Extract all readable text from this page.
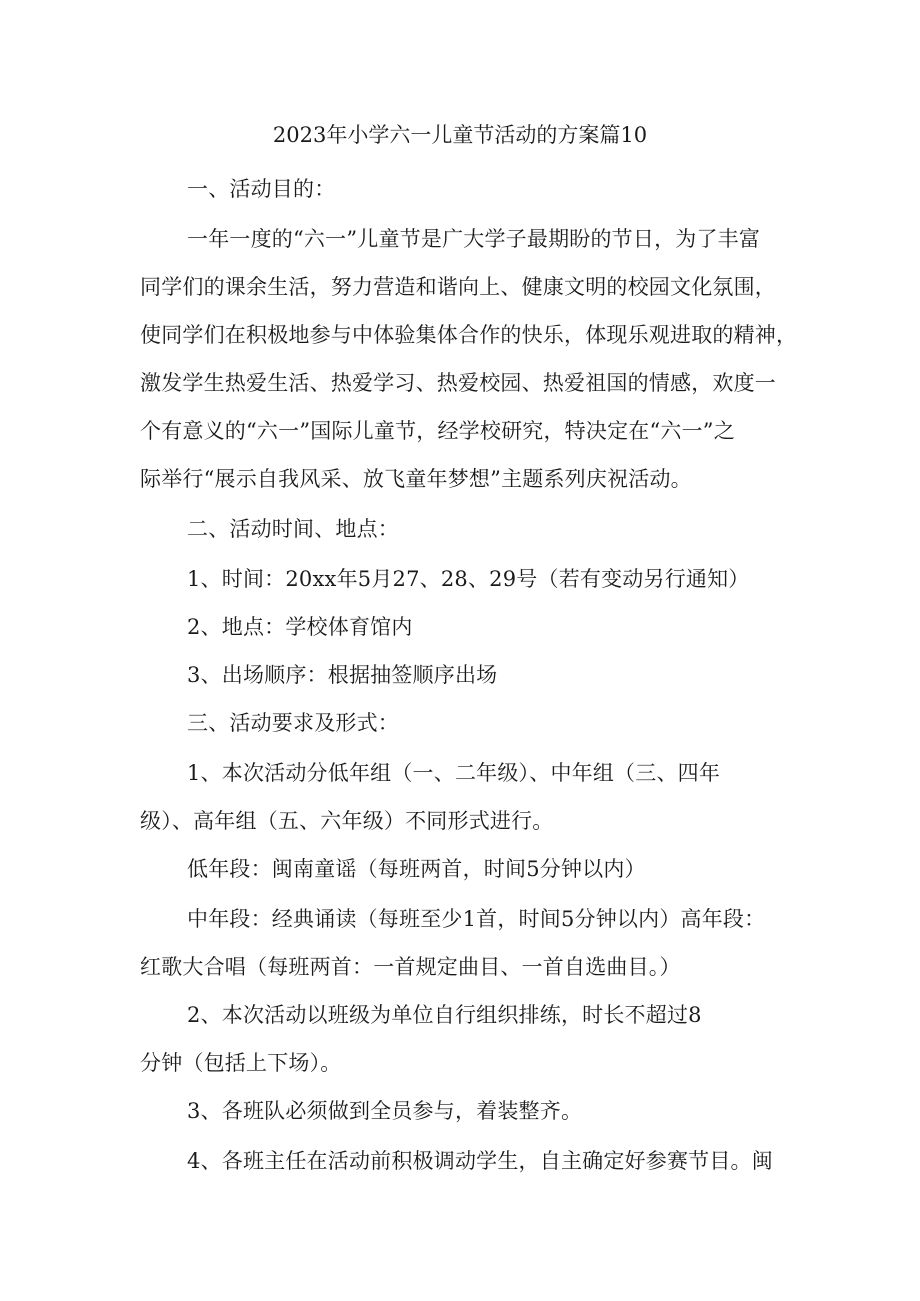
2023年小学六一儿童节活动的方案篇10
一、活动目的：
一年一度的“六一”儿童节是广大学子最期盼的节日，为了丰富
同学们的课余生活，努力营造和谐向上、健康文明的校园文化氛围，
使同学们在积极地参与中体验集体合作的快乐，体现乐观进取的精神，
激发学生热爱生活、热爱学习、热爱校园、热爱祖国的情感，欢度一
个有意义的“六一”国际儿童节，经学校研究，特决定在“六一”之
际举行“展示自我风采、放飞童年梦想”主题系列庆祝活动。
二、活动时间、地点：
1、时间：20xx年5月27、28、29号（若有变动另行通知）
2、地点：学校体育馆内
3、出场顺序：根据抽签顺序出场
三、活动要求及形式：
1、本次活动分低年组（一、二年级）、中年组（三、四年
级）、高年组（五、六年级）不同形式进行。
低年段：闽南童谣（每班两首，时间5分钟以内）
中年段：经典诵读（每班至少1首，时间5分钟以内）高年段：
红歌大合唱（每班两首：一首规定曲目、一首自选曲目。）
2、本次活动以班级为单位自行组织排练，时长不超过8
分钟（包括上下场）。
3、各班队必须做到全员参与，着装整齐。
4、各班主任在活动前积极调动学生，自主确定好参赛节目。闽
